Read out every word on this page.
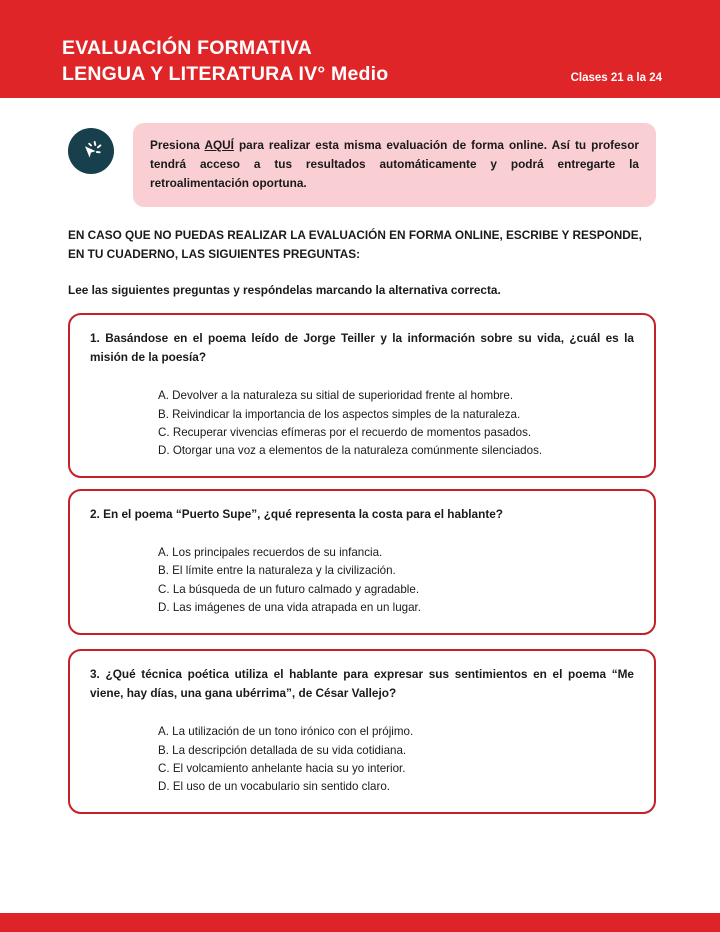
EVALUACIÓN FORMATIVA
LENGUA Y LITERATURA IV° Medio	Clases 21 a la 24

Presiona AQUÍ para realizar esta misma evaluación de forma online. Así tu profesor tendrá acceso a tus resultados automáticamente y podrá entregarte la retroalimentación oportuna.

EN CASO QUE NO PUEDAS REALIZAR LA EVALUACIÓN EN FORMA ONLINE, ESCRIBE Y RESPONDE, EN TU CUADERNO, LAS SIGUIENTES PREGUNTAS:

Lee las siguientes preguntas y respóndelas marcando la alternativa correcta.

1. Basándose en el poema leído de Jorge Teiller y la información sobre su vida, ¿cuál es la misión de la poesía?

A. Devolver a la naturaleza su sitial de superioridad frente al hombre.
B. Reivindicar la importancia de los aspectos simples de la naturaleza.
C. Recuperar vivencias efímeras por el recuerdo de momentos pasados.
D. Otorgar una voz a elementos de la naturaleza comúnmente silenciados.

2. En el poema “Puerto Supe”, ¿qué representa la costa para el hablante?

A. Los principales recuerdos de su infancia.
B. El límite entre la naturaleza y la civilización.
C. La búsqueda de un futuro calmado y agradable.
D. Las imágenes de una vida atrapada en un lugar.

3. ¿Qué técnica poética utiliza el hablante para expresar sus sentimientos en el poema “Me viene, hay días, una gana ubérrima”, de César Vallejo?

A. La utilización de un tono irónico con el prójimo.
B. La descripción detallada de su vida cotidiana.
C. El volcamiento anhelante hacia su yo interior.
D. El uso de un vocabulario sin sentido claro.
